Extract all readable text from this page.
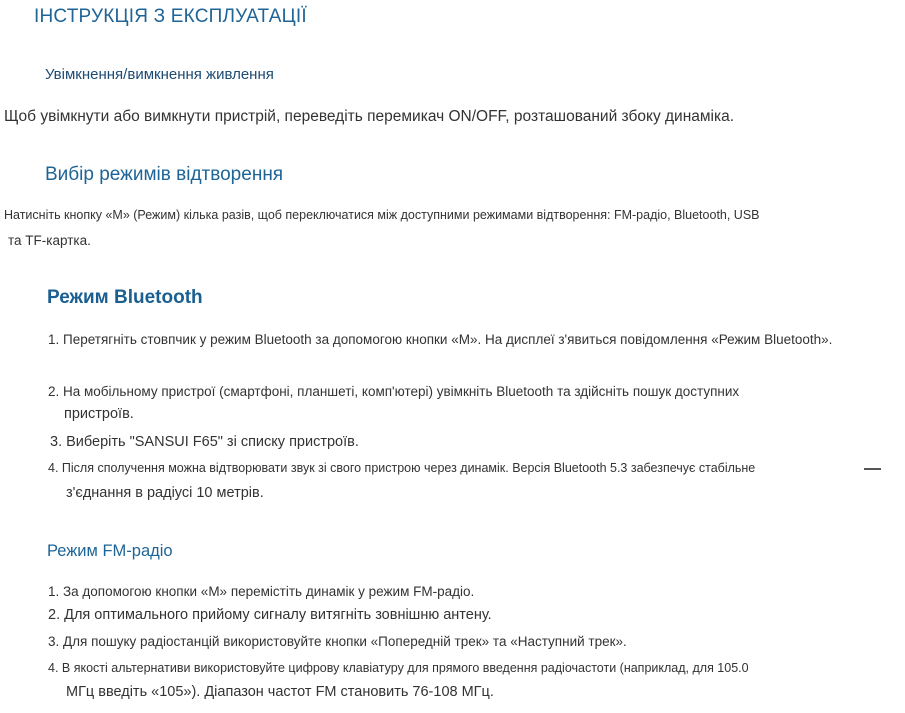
ІНСТРУКЦІЯ З ЕКСПЛУАТАЦІЇ
Увімкнення/вимкнення живлення
Щоб увімкнути або вимкнути пристрій, переведіть перемикач ON/OFF, розташований збоку динаміка.
Вибір режимів відтворення
Натисніть кнопку «M» (Режим) кілька разів, щоб переключатися між доступними режимами відтворення: FM-радіо, Bluetooth, USB
та TF-картка.
Режим Bluetooth
1. Перетягніть стовпчик у режим Bluetooth за допомогою кнопки «M». На дисплеї з'явиться повідомлення «Режим Bluetooth».
2. На мобільному пристрої (смартфоні, планшеті, комп'ютері) увімкніть Bluetooth та здійсніть пошук доступних
пристроїв.
3. Виберіть "SANSUI F65" зі списку пристроїв.
4. Після сполучення можна відтворювати звук зі свого пристрою через динамік. Версія Bluetooth 5.3 забезпечує стабільне
з'єднання в радіусі 10 метрів.
Режим FM-радіо
1. За допомогою кнопки «M» перемістіть динамік у режим FM-радіо.
2. Для оптимального прийому сигналу витягніть зовнішню антену.
3. Для пошуку радіостанцій використовуйте кнопки «Попередній трек» та «Наступний трек».
4. В якості альтернативи використовуйте цифрову клавіатуру для прямого введення радіочастоти (наприклад, для 105.0
МГц введіть «105»). Діапазон частот FM становить 76-108 МГц.
